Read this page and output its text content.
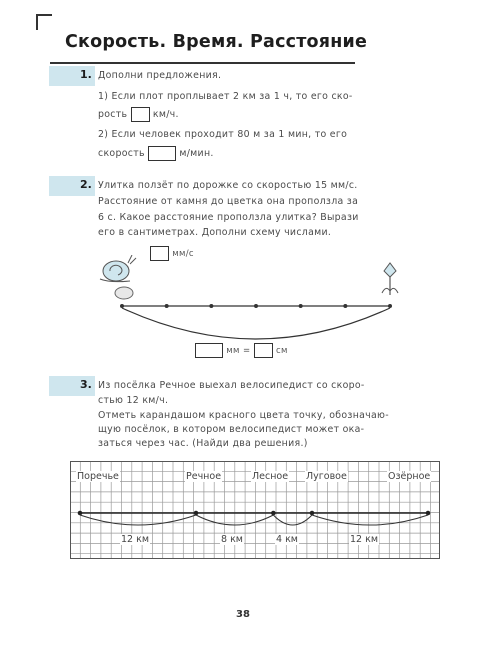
Скорость. Время. Расстояние
1. Дополни предложения.
1) Если плот проплывает 2 км за 1 ч, то его ско-
рость	км/ч.
2) Если человек проходит 80 м за 1 мин, то его
скорость	м/мин.
2. Улитка ползёт по дорожке со скоростью 15 мм/с.
Расстояние от камня до цветка она проползла за
6 с. Какое расстояние проползла улитка? Вырази
его в сантиметрах. Дополни схему числами.
мм/с
мм =	см
3. Из посёлка Речное выехал велосипедист со скоро-
стью 12 км/ч.
Отметь карандашом красного цвета точку, обозначаю-
щую посёлок, в котором велосипедист может ока-
заться через час. (Найди два решения.)
Поречье	Речное	Лесное Луговое	Озёрное
12 км	8 км	4 км	12 км
38
